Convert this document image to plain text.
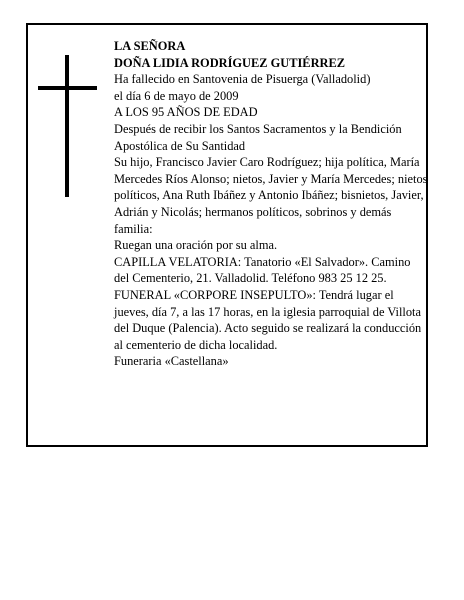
LA SEÑORA

DOÑA LIDIA RODRÍGUEZ GUTIÉRREZ

Ha fallecido en Santovenia de Pisuerga (Valladolid)

el día 6 de mayo de 2009

A LOS 95 AÑOS DE EDAD

Después de recibir los Santos Sacramentos y la Bendición Apostólica de Su Santidad

Su hijo, Francisco Javier Caro Rodríguez; hija política, María Mercedes Ríos Alonso; nietos, Javier y María Mercedes; nietos políticos, Ana Ruth Ibáñez y Antonio Ibáñez; bisnietos, Javier, Adrián y Nicolás; hermanos políticos, sobrinos y demás familia:

Ruegan una oración por su alma.

CAPILLA VELATORIA: Tanatorio «El Salvador». Camino del Cementerio, 21. Valladolid. Teléfono 983 25 12 25.

FUNERAL «CORPORE INSEPULTO»: Tendrá lugar el jueves, día 7, a las 17 horas, en la iglesia parroquial de Villota del Duque (Palencia). Acto seguido se realizará la conducción al cementerio de dicha localidad.

Funeraria «Castellana»
